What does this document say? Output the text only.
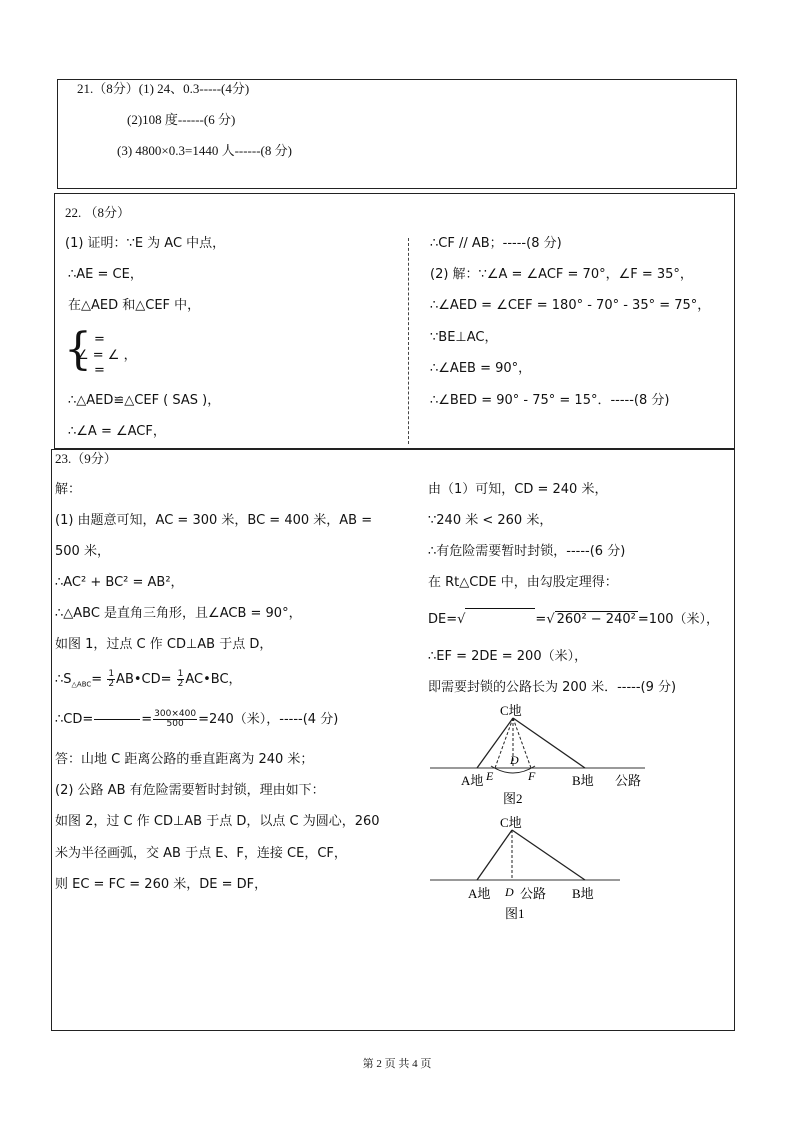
21.（8分）(1) 24、0.3-----(4分)
(2)108 度------(6 分)
(3) 4800×0.3=1440 人------(8 分)
22. （8分）
(1) 证明：∵E 为 AC 中点，
∴AE = CE，
在△AED 和△CEF 中，
{ =
∠ = ∠ ，
=
∴△AED≌△CEF ( SAS )，
∴∠A = ∠ACF，
∴CF // AB；-----(8 分)
(2) 解：∵∠A = ∠ACF = 70°，∠F = 35°，
∴∠AED = ∠CEF = 180° - 70° - 35° = 75°，
∵BE⊥AC，
∴∠AEB = 90°，
∴∠BED = 90° - 75° = 15°．-----(8 分)
23.（9分）
解：
(1) 由题意可知，AC = 300 米，BC = 400 米，AB =
500 米，
∴AC² + BC² = AB²，
∴△ABC 是直角三角形，且∠ACB = 90°，
如图 1，过点 C 作 CD⊥AB 于点 D，
$\therefore S_{\triangle ABC}= \frac{1}{2}$ AB•CD= $\frac{1}{2}$ AC•BC，
∴CD=

	= $\frac{300\times 400}{500} =240$（米），-----(4 分)
答：山地 C 距离公路的垂直距离为 240 米；
(2) 公路 AB 有危险需要暂时封锁，理由如下：
如图 2，过 C 作 CD⊥AB 于点 D，以点 C 为圆心，260
米为半径画弧，交 AB 于点 E、F，连接 CE，CF，
则 EC = FC = 260 米，DE = DF，
由（1）可知，CD = 240 米，
∵240 米 < 260 米，
∴有危险需要暂时封锁，-----(6 分)
在 Rt△CDE 中，由勾股定理得：
DE=√	=√ 260² − 240² =100（米），
∴EF = 2DE = 200（米），
即需要封锁的公路长为 200 米．-----(9 分)
C地
A地 E
D
F	B地 公路
图2
C地
A地 D 公路 B地
图1
第 2 页 共 4 页
